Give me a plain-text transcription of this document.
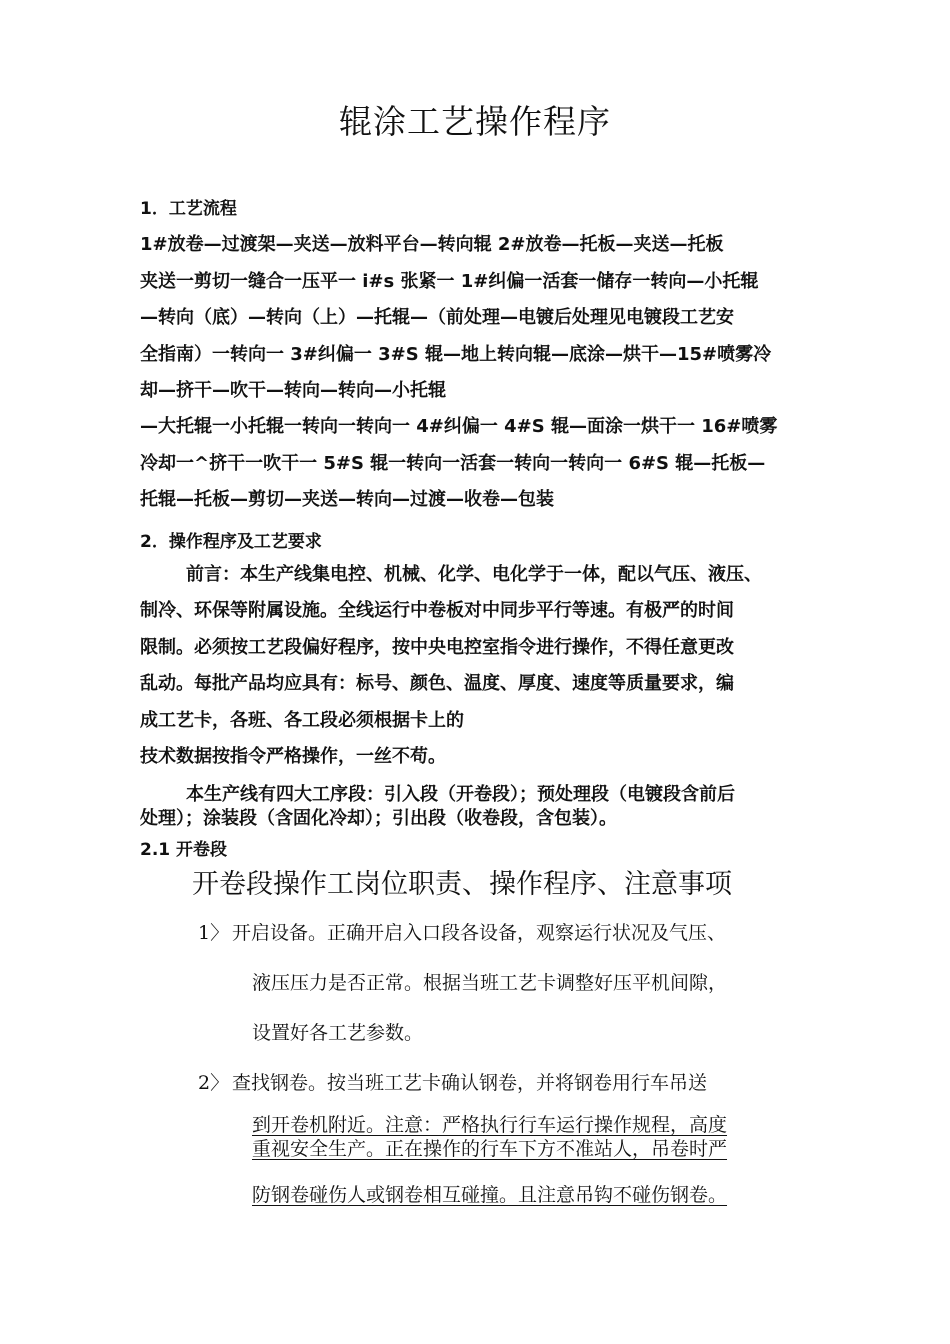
辊涂工艺操作程序
1．工艺流程
1#放卷—过渡架—夹送—放料平台—转向辊 2#放卷—托板—夹送—托板
夹送一剪切一缝合一压平一 i#s 张紧一 1#纠偏一活套一储存一转向—小托辊
—转向（底）—转向（上）—托辊—（前处理—电镀后处理见电镀段工艺安
全指南）一转向一 3#纠偏一 3#S 辊—地上转向辊—底涂—烘干—15#喷雾冷
却—挤干—吹干—转向—转向—小托辊
—大托辊一小托辊一转向一转向一 4#纠偏一 4#S 辊—面涂一烘干一 16#喷雾
冷却一^挤干一吹干一 5#S 辊一转向一活套一转向一转向一 6#S 辊—托板—
托辊—托板—剪切—夹送—转向—过渡—收卷—包装
2．操作程序及工艺要求
前言：本生产线集电控、机械、化学、电化学于一体，配以气压、液压、
制冷、环保等附属设施。全线运行中卷板对中同步平行等速。有极严的时间
限制。必须按工艺段偏好程序，按中央电控室指令进行操作，不得任意更改
乱动。每批产品均应具有：标号、颜色、温度、厚度、速度等质量要求，编
成工艺卡，各班、各工段必须根据卡上的
技术数据按指令严格操作，一丝不苟。
本生产线有四大工序段：引入段（开卷段）；预处理段（电镀段含前后
处理）；涂装段（含固化冷却）；引出段（收卷段，含包装）。
2.1 开卷段
开卷段操作工岗位职责、操作程序、注意事项
1〉 开启设备。正确开启入口段各设备，观察运行状况及气压、
液压压力是否正常。根据当班工艺卡调整好压平机间隙，
设置好各工艺参数。
2〉 查找钢卷。按当班工艺卡确认钢卷，并将钢卷用行车吊送
到开卷机附近。注意：严格执行行车运行操作规程，高度
重视安全生产。正在操作的行车下方不准站人，吊卷时严
防钢卷碰伤人或钢卷相互碰撞。且注意吊钩不碰伤钢卷。
